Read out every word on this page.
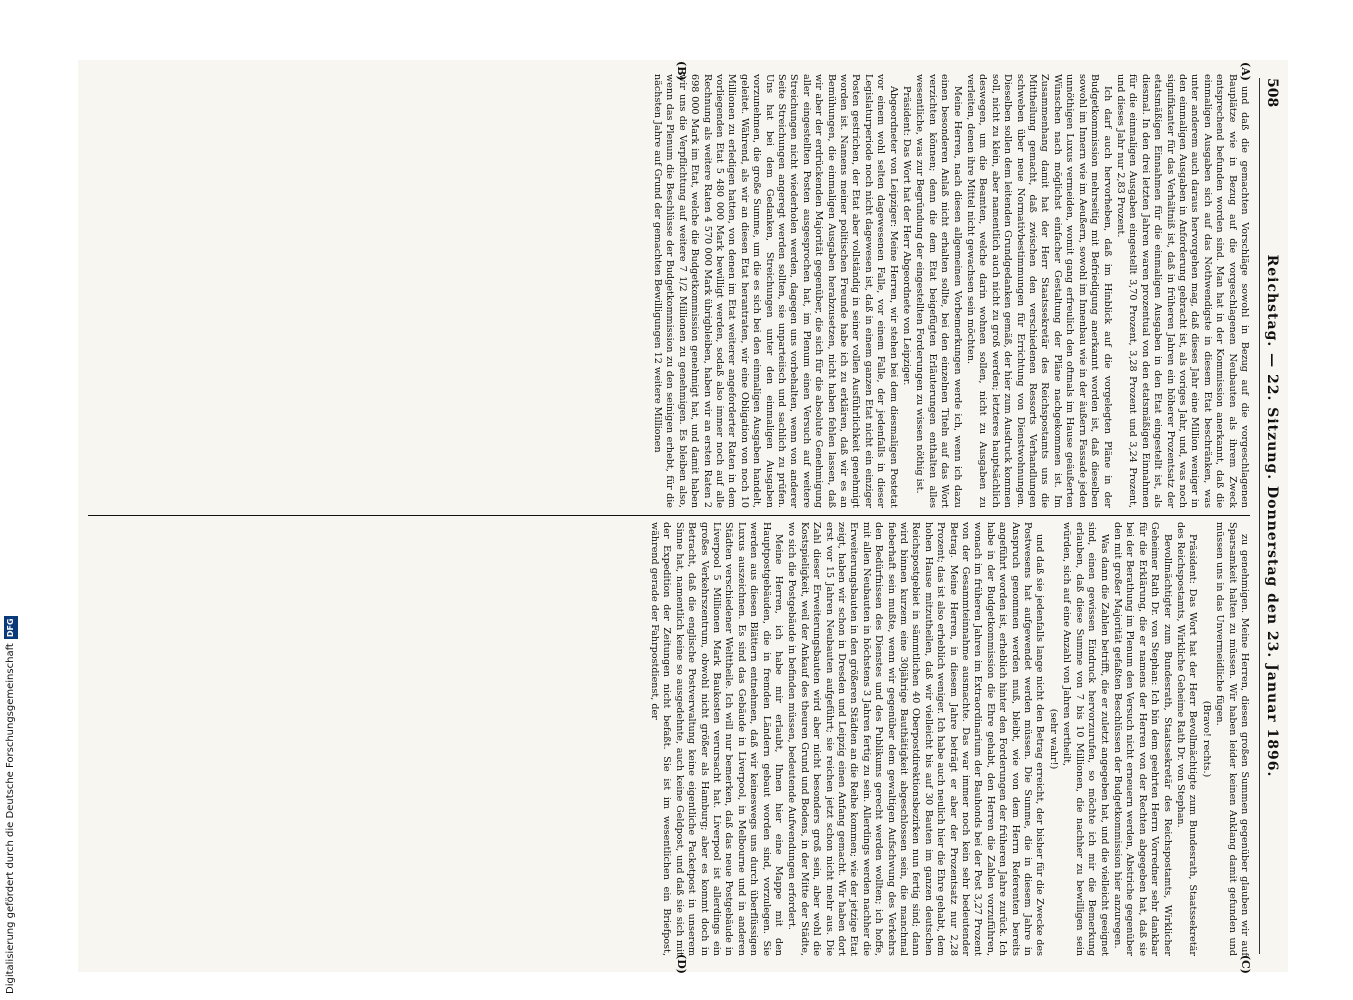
508
Reichstag. — 22. Sitzung. Donnerstag den 23. Januar 1896.
(A)
(B)
(C)
(D)

und daß die gemachten Vorschläge sowohl in Bezug auf die vorgeschlagenen Bauplätze wie in Bezug auf die vorgeschlagenen Neubauten als ihrem Zweck entsprechend befunden worden sind. Man hat in der Kommission anerkannt, daß die einmaligen Ausgaben sich auf das Nothwendigste in diesem Etat beschränken, was unter anderem auch daraus hervorgehen mag, daß dieses Jahr eine Million weniger in den einmaligen Ausgaben in Anforderung gebracht ist, als voriges Jahr, und, was noch signifikanter für das Verhältniß ist, daß in früheren Jahren ein höherer Prozentsatz der etatsmäßigen Einnahmen für die einmaligen Ausgaben in den Etat eingestellt ist, als diesmal. In den drei letzten Jahren waren prozentual von den etatsmäßigen Einnahmen für die einmaligen Ausgaben eingestellt 3,70 Prozent, 3,28 Prozent und 3,24 Prozent, und dieses Jahr nur 2,83 Prozent.

Ich darf auch hervorheben, daß im Hinblick auf die vorgelegten Pläne in der Budgetkommission mehrseitig mit Befriedigung anerkannt worden ist, daß dieselben sowohl im Innern wie im Aeußern, sowohl im Innenbau wie in der äußern Fassade jeden unnöthigen Luxus vermeiden, womit gang erfreulich den oftmals im Hause geäußerten Wünschen nach möglichst einfacher Gestaltung der Pläne nachgekommen ist. Im Zusammenhang damit hat der Herr Staatssekretär des Reichspostamts uns die Mittheilung gemacht, daß zwischen den verschiedenen Ressorts Verhandlungen schweben über neue Normativbestimmungen für Errichtung von Dienstwohnungen. Dieselben sollen dem leitenden Grundgedanken gemäß, der hier zum Ausdruck kommen soll, nicht zu klein, aber namentlich auch nicht zu groß werden; letzteres hauptsächlich deswegen, um die Beamten, welche darin wohnen sollen, nicht zu Ausgaben zu verleiten, denen ihre Mittel nicht gewachsen sein möchten.

Meine Herren, nach diesen allgemeinen Vorbemerkungen werde ich, wenn ich dazu einen besonderen Anlaß nicht erhalten sollte, bei den einzelnen Titeln auf das Wort verzichten können; denn die dem Etat beigefügten Erläuterungen enthalten alles wesentliche, was zur Begründung der eingestellten Forderungen zu wissen nöthig ist.

Präsident: Das Wort hat der Herr Abgeordnete von Leipziger.

Abgeordneter von Leipziger: Meine Herren, wir stehen bei dem diesmaligen Postetat vor einem wohl selten dagewesenen Falle, vor einem Falle, der jedenfalls in dieser Legislaturperiode noch nicht dagewesen ist, daß in einem ganzen Etat nicht ein einziger Posten gestrichen, der Etat aber vollständig in seiner vollen Ausführlichkeit genehmigt worden ist. Namens meiner politischen Freunde habe ich zu erklären, daß wir es an Bemühungen, die einmaligen Ausgaben herabzusetzen, nicht haben fehlen lassen, daß wir aber der erdrückenden Majorität gegenüber, die sich für die absolute Genehmigung aller eingestellten Posten ausgesprochen hat, im Plenum einen Versuch auf weitere Streichungen nicht wiederholen werden, dagegen uns vorbehalten, wenn von anderer Seite Streichungen angeregt werden sollten, sie unparteiisch und sachlich zu prüfen. Uns hat bei dem Gedanken, Streichungen unter den einmaligen Ausgaben vorzunehmen, die große Summe, um die es sich bei den einmaligen Ausgaben handelt, geleitet. Während, als wir an diesen Etat herantraten, wir eine Obligation von noch 10 Millionen zu erledigen hatten, von denen im Etat weiterer angeforderter Raten in dem vorliegenden Etat 5 480 000 Mark bewilligt werden, sodaß also immer noch auf alle Rechnung als weitere Raten 4 570 000 Mark übrigbleiben, haben wir an ersten Raten 2 698 000 Mark im Etat, welche die Budgetkommission genehmigt hat, und damit haben wir uns die Verpflichtung auf weitere 7 1/2 Millionen zu genehmigen. Es bleiben also, wenn das Plenum die Beschlüsse der Budgetkommission zu den seinigen erhebt, für die nächsten Jahre auf Grund der gemachten Bewilligungen 12 weitere Millionen

zu genehmigen. Meine Herren, diesen großen Summen gegenüber glauben wir auf Sparsamkeit halten zu müssen. Wir haben leider keinen Anklang damit gefunden und müssen uns in das Unvermeidliche fügen.

(Bravo! rechts.)

Präsident: Das Wort hat der Herr Bevollmächtigte zum Bundesrath, Staatssekretär des Reichspostamts, Wirkliche Geheime Rath Dr. von Stephan.

Bevollmächtigter zum Bundesrath, Staatssekretär des Reichspostamts, Wirklicher Geheimer Rath Dr. von Stephan: Ich bin dem geehrten Herrn Vorredner sehr dankbar für die Erklärung, die er namens der Herren von der Rechten abgegeben hat, daß sie bei der Berathung im Plenum den Versuch nicht erneuern werden, Abstriche gegenüber den mit großer Majorität gefaßten Beschlüssen der Budgetkommission hier anzuregen.

Was dann die Zahlen betrifft, die er zuletzt angegeben hat, und die vielleicht geeignet sind, einen gewissen Eindruck hervorzurufen, so möchte ich mir die Bemerkung erlauben, daß diese Summe von 7 bis 10 Millionen, die nachher zu bewilligen sein würden, sich auf eine Anzahl von Jahren vertheilt,

(sehr wahr!)

und daß sie jedenfalls lange nicht den Betrag erreicht, der bisher für die Zwecke des Postwesens hat aufgewendet werden müssen. Die Summe, die in diesem Jahre in Anspruch genommen werden muß, bleibt, wie von dem Herrn Referenten bereits angeführt worden ist, erheblich hinter den Forderungen der früheren Jahre zurück. Ich habe in der Budgetkommission die Ehre gehabt, den Herren die Zahlen vorzuführen, wonach im früheren Jahren im Extraordinarium der Bauhonds bei der Post 3,27 Prozent von der Gesammteinnahme ausmachte. Das war immer noch kein sehr bedeutender Betrag. Meine Herren, in diesem Jahre beträgt er aber der Prozentsatz nur 2,28 Prozent; das ist also erheblich weniger. Ich habe auch neulich hier die Ehre gehabt, dem hohen Hause mitzutheilen, daß wir vielleicht bis auf 30 Bauten im ganzen deutschen Reichspostgebiet in sämmtlichen 40 Oberpostdirektionsbezirken nun fertig sind; dann wird binnen kurzem eine 30jährige Bauthätigkeit abgeschlossen sein, die manchmal fieberhaft sein mußte, wenn wir gegenüber dem gewaltigen Aufschwung des Verkehrs den Bedürfnissen des Dienstes und des Publikums gerecht werden wollten; ich hoffe, mit allen Neubauten in höchstens 3 Jahren fertig zu sein. Allerdings werden nachher die Erweiterungsbauten in den größeren Städten an die Reihe kommen; wie der jetzige Etat zeigt, haben wir schon in Dresden und Leipzig einen Anfang gemacht. Wir haben dort erst vor 15 Jahren Neubauten aufgeführt; sie reichen jetzt schon nicht mehr aus. Die Zahl dieser Erweiterungsbauten wird aber nicht besonders groß sein, aber wohl die Kostspieligkeit, weil der Ankauf des theuren Grund und Bodens, in der Mitte der Städte, wo sich die Postgebäude in befinden müssen, bedeutende Aufwendungen erfordert.

Meine Herren, ich habe mir erlaubt, Ihnen hier eine Mappe mit den Hauptpostgebäuden, die in fremden Ländern gebaut worden sind, vorzulegen. Sie werden aus diesen Blättern entnehmen, daß wir keineswegs uns durch überflüssigen Luxus auszeichnen. Es sind das Gebäude in Liverpool, in Melbourne und in anderen Städten verschiedener Welttheile. Ich will nur bemerken, daß das neue Postgebäude in Liverpool 5 Millionen Mark Baukosten verursacht hat. Liverpool ist allerdings ein großes Verkehrszentrum, obwohl nicht größer als Hamburg; aber es kommt doch in Betracht, daß die englische Postverwaltung keine eigentliche Packetpost in unserem Sinne hat, namentlich keine so ausgedehnte, auch keine Geldpost, und daß sie sich mit der Expedition der Zeitungen nicht befaßt. Sie ist im wesentlichen ein Briefpost, während gerade der Fahrpostdienst, der

Digitalisierung gefördert durch die Deutsche ForschungsgemeinschaftDFG
